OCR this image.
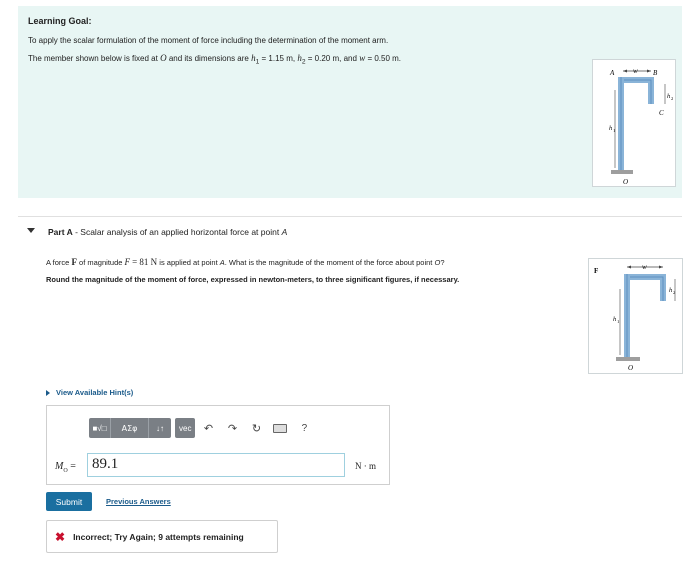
Learning Goal:
To apply the scalar formulation of the moment of force including the determination of the moment arm.
The member shown below is fixed at O and its dimensions are $h_1 = 1.15$ m, $h_2 = 0.20$ m, and w = 0.50 m.
A	w B
h 2
C
h 1
O
Part A - Scalar analysis of an applied horizontal force at point A
A force F of magnitude F = 81 N is applied at point A. What is the magnitude of the moment of the force about point O?
Round the magnitude of the moment of force, expressed in newton-meters, to three significant figures, if necessary.
F	w
h 2
h 1
O
View Available Hint(s)
■√□	ΑΣφ	↓↑	vec	↶	↷	↻	?
$M_O$ =	89.1	N · m
Submit	Previous Answers
✖ Incorrect; Try Again; 9 attempts remaining
